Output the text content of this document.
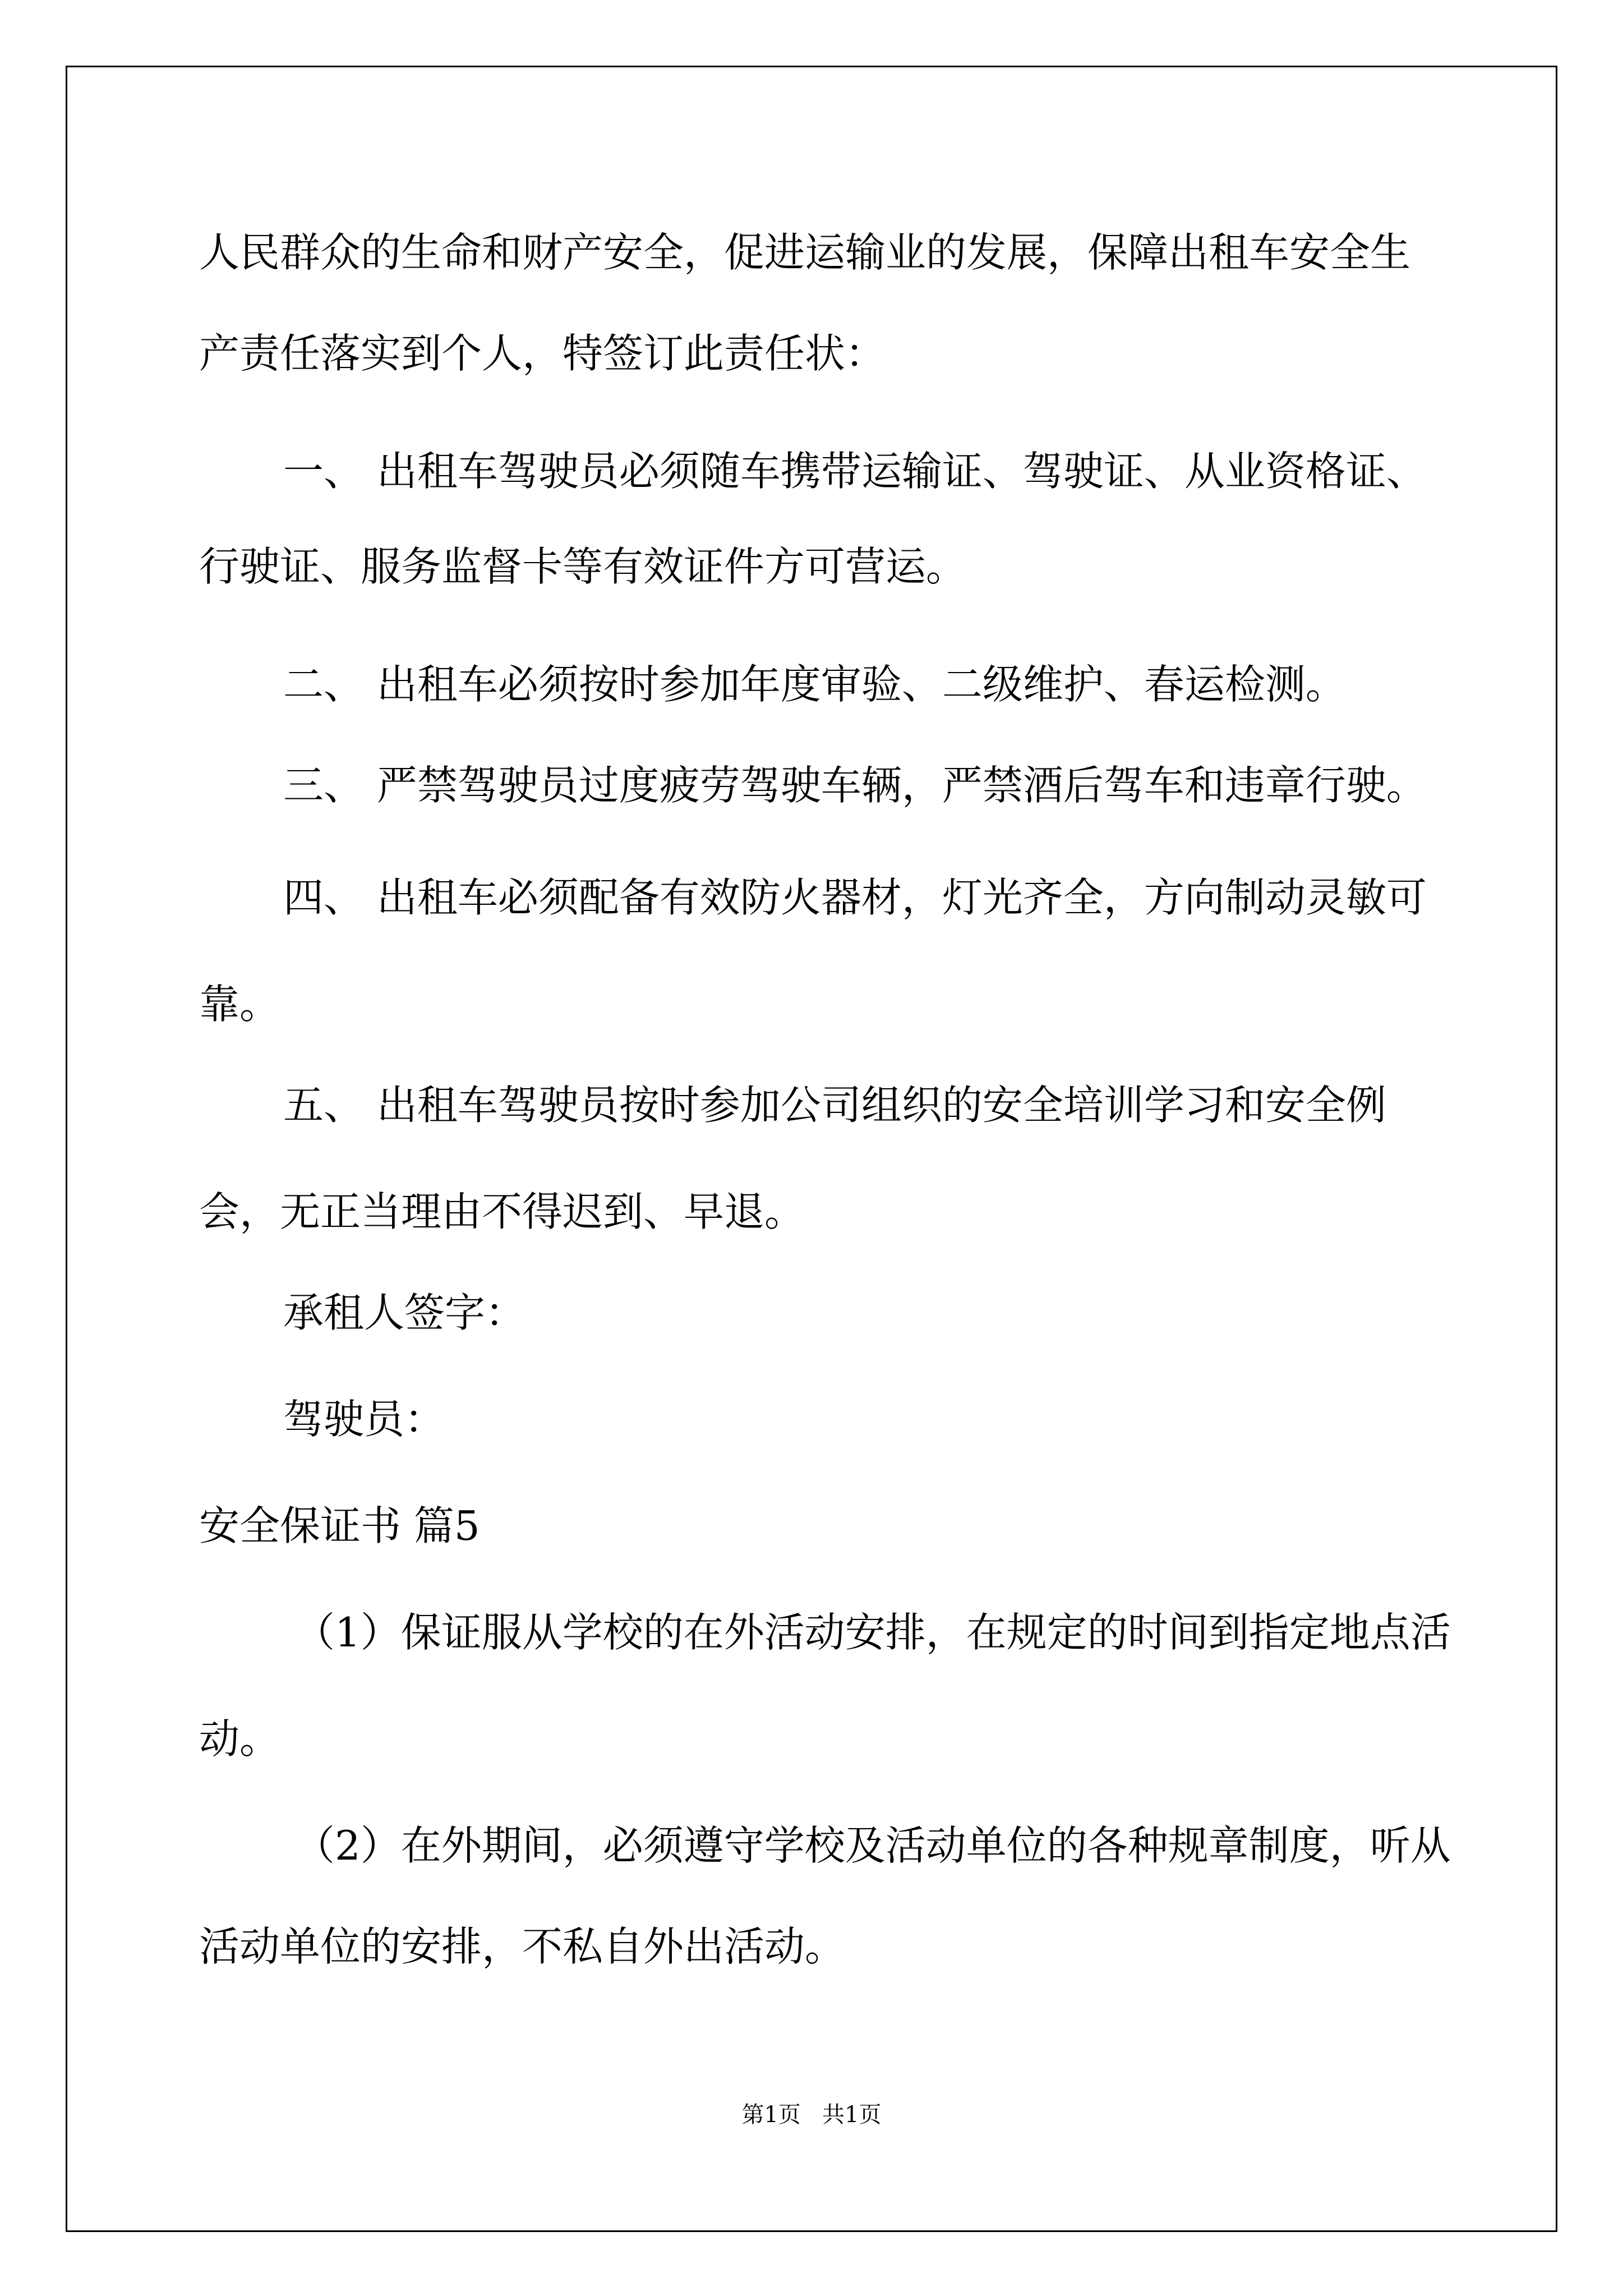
人民群众的生命和财产安全，促进运输业的发展，保障出租车安全生

产责任落实到个人，特签订此责任状：

一、 出租车驾驶员必须随车携带运输证、驾驶证、从业资格证、

行驶证、服务监督卡等有效证件方可营运。

二、 出租车必须按时参加年度审验、二级维护、春运检测。

三、 严禁驾驶员过度疲劳驾驶车辆，严禁酒后驾车和违章行驶。

四、 出租车必须配备有效防火器材，灯光齐全，方向制动灵敏可

靠。

五、 出租车驾驶员按时参加公司组织的安全培训学习和安全例

会，无正当理由不得迟到、早退。

承租人签字：

驾驶员：

安全保证书 篇5

（1）保证服从学校的在外活动安排，在规定的时间到指定地点活

动。

（2）在外期间，必须遵守学校及活动单位的各种规章制度，听从

活动单位的安排，不私自外出活动。

第1页   共1页
